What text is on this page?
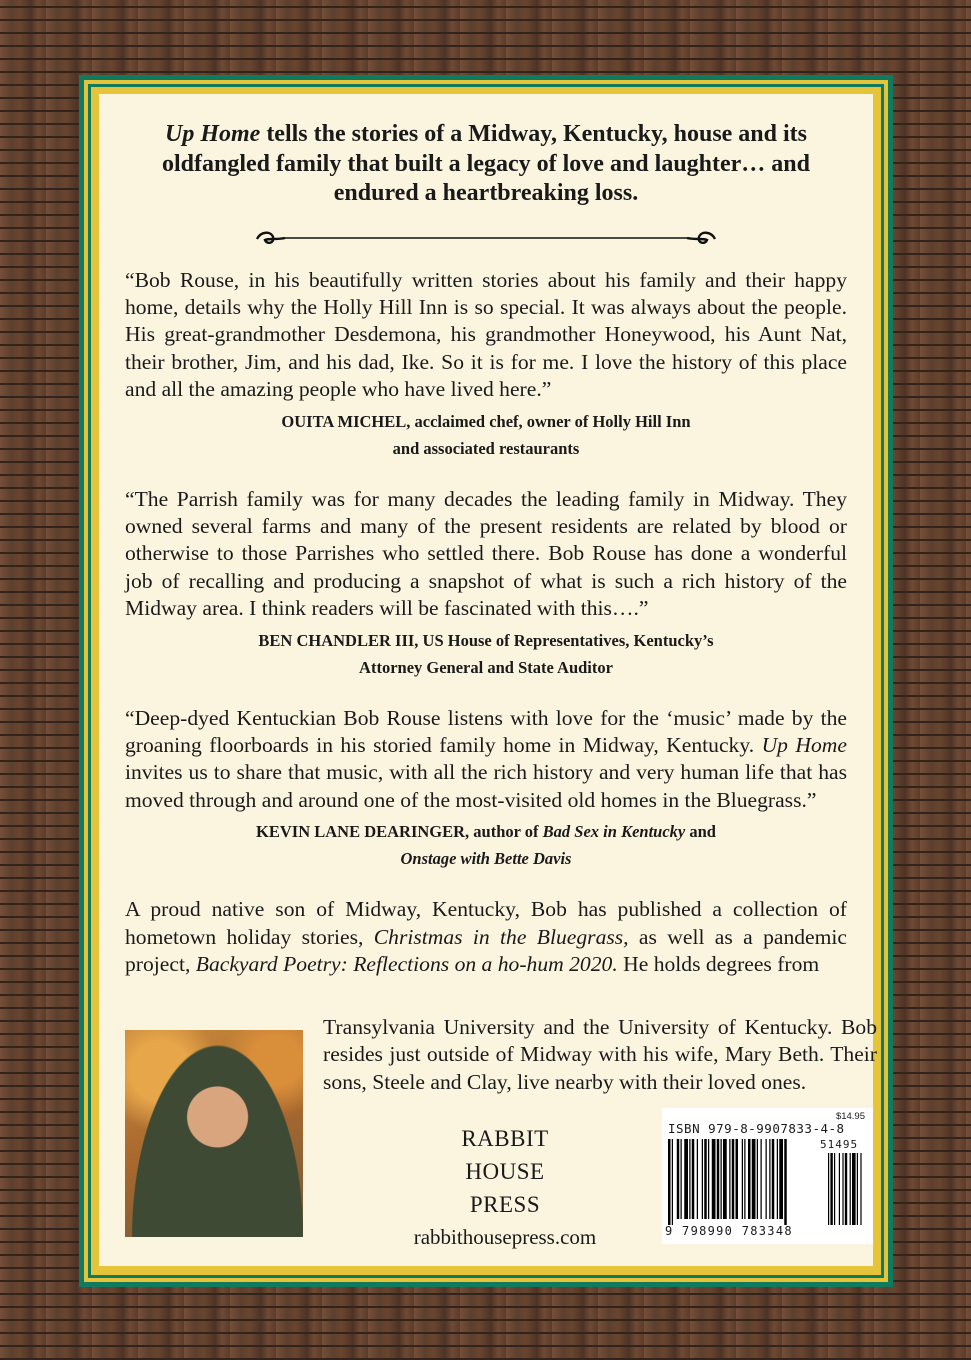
Up Home tells the stories of a Midway, Kentucky, house and its oldfangled family that built a legacy of love and laughter… and endured a heartbreaking loss.

“Bob Rouse, in his beautifully written stories about his family and their happy home, details why the Holly Hill Inn is so special. It was always about the people. His great-grandmother Desdemona, his grandmother Honeywood, his Aunt Nat, their brother, Jim, and his dad, Ike. So it is for me. I love the history of this place and all the amazing people who have lived here.”

OUITA MICHEL, acclaimed chef, owner of Holly Hill Inn
and associated restaurants

“The Parrish family was for many decades the leading family in Midway. They owned several farms and many of the present residents are related by blood or otherwise to those Parrishes who settled there. Bob Rouse has done a wonderful job of recalling and producing a snapshot of what is such a rich history of the Midway area. I think readers will be fascinated with this….”

BEN CHANDLER III, US House of Representatives, Kentucky’s
Attorney General and State Auditor

“Deep-dyed Kentuckian Bob Rouse listens with love for the ‘music’ made by the groaning floorboards in his storied family home in Midway, Kentucky. Up Home invites us to share that music, with all the rich history and very human life that has moved through and around one of the most-visited old homes in the Bluegrass.”

KEVIN LANE DEARINGER, author of Bad Sex in Kentucky and
Onstage with Bette Davis

A proud native son of Midway, Kentucky, Bob has published a collection of hometown holiday stories, Christmas in the Bluegrass, as well as a pandemic project, Backyard Poetry: Reflections on a ho-hum 2020. He holds degrees from

Transylvania University and the University of Kentucky. Bob resides just outside of Midway with his wife, Mary Beth. Their sons, Steele and Clay, live nearby with their loved ones.
RABBIT
HOUSE
PRESS
rabbithousepress.com
$14.95
ISBN 979-8-9907833-4-8
51495
9 798990 783348
